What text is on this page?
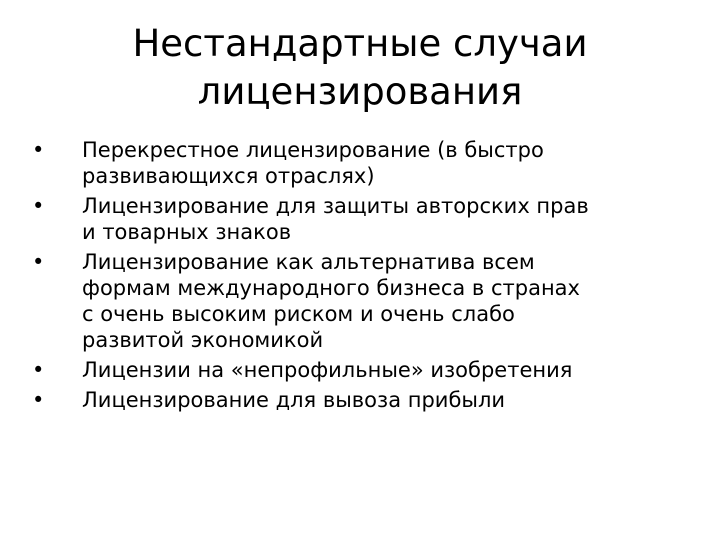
Нестандартные случаи
лицензирования
• Перекрестное лицензирование (в быстро
развивающихся отраслях)
• Лицензирование для защиты авторских прав
и товарных знаков
• Лицензирование как альтернатива всем
формам международного бизнеса в странах
с очень высоким риском и очень слабо
развитой экономикой
• Лицензии на «непрофильные» изобретения
• Лицензирование для вывоза прибыли
